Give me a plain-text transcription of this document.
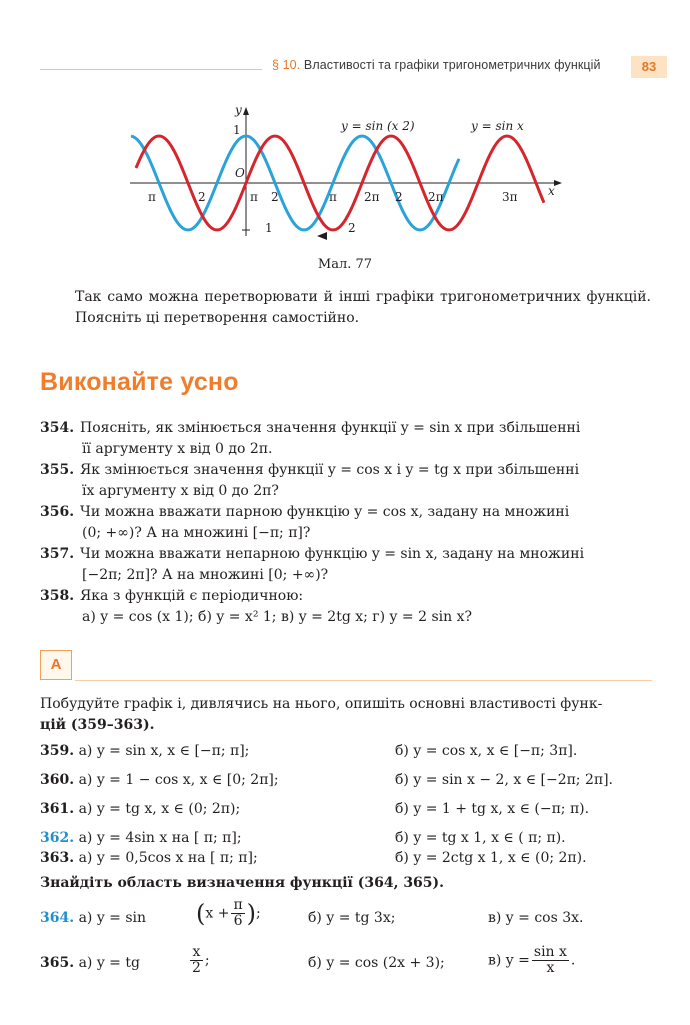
§ 10. Властивості та графіки тригонометричних функцій	83
y
1
O
1
x
π	2	π 2	π 2π 2 2π	3π
y = sin (x 2)	y = sin x
2
Мал. 77
Так само можна перетворювати й інші графіки тригонометричних функцій. Поясніть ці перетворення самостійно.
Виконайте усно
354. Поясніть, як змінюється значення функції y = sin x при збільшенні
її аргументу x від 0 до 2π.
355. Як змінюється значення функції y = cos x і y = tg x при збільшенні
їх аргументу x від 0 до 2π?
356. Чи можна вважати парною функцію y = cos x, задану на множині
(0; +∞)? А на множині [−π; π]?
357. Чи можна вважати непарною функцію y = sin x, задану на множині
[−2π; 2π]? А на множині [0; +∞)?
358. Яка з функцій є періодичною:
а) y = cos (x 1); б) y = x² 1; в) y = 2tg x; г) y = 2 sin x?
А
Побудуйте графік і, дивлячись на нього, опишіть основні властивості функ-
цій (359–363).
359. а) y = sin x, x ∈ [−π; π];	б) y = cos x, x ∈ [−π; 3π].
360. а) y = 1 − cos x, x ∈ [0; 2π];	б) y = sin x − 2, x ∈ [−2π; 2π].
361. а) y = tg x, x ∈ (0; 2π);	б) y = 1 + tg x, x ∈ (−π; π).
362. а) y = 4sin x на [ π; π];	б) y = tg x 1, x ∈ ( π; π).
363. а) y = 0,5cos x на [ π; π];	б) y = 2ctg x 1, x ∈ (0; 2π).
Знайдіть область визначення функції (364, 365).
364. а) $y = \sin (x + \frac{\pi}{6}$ );	б) y = tg 3x;	в) y = cos 3x.
365. а) y = tg	$\frac{x}{2}$ ;	б) y = cos (2x + 3);	в) $y = \frac{\text{sin x}}{x}$ .
